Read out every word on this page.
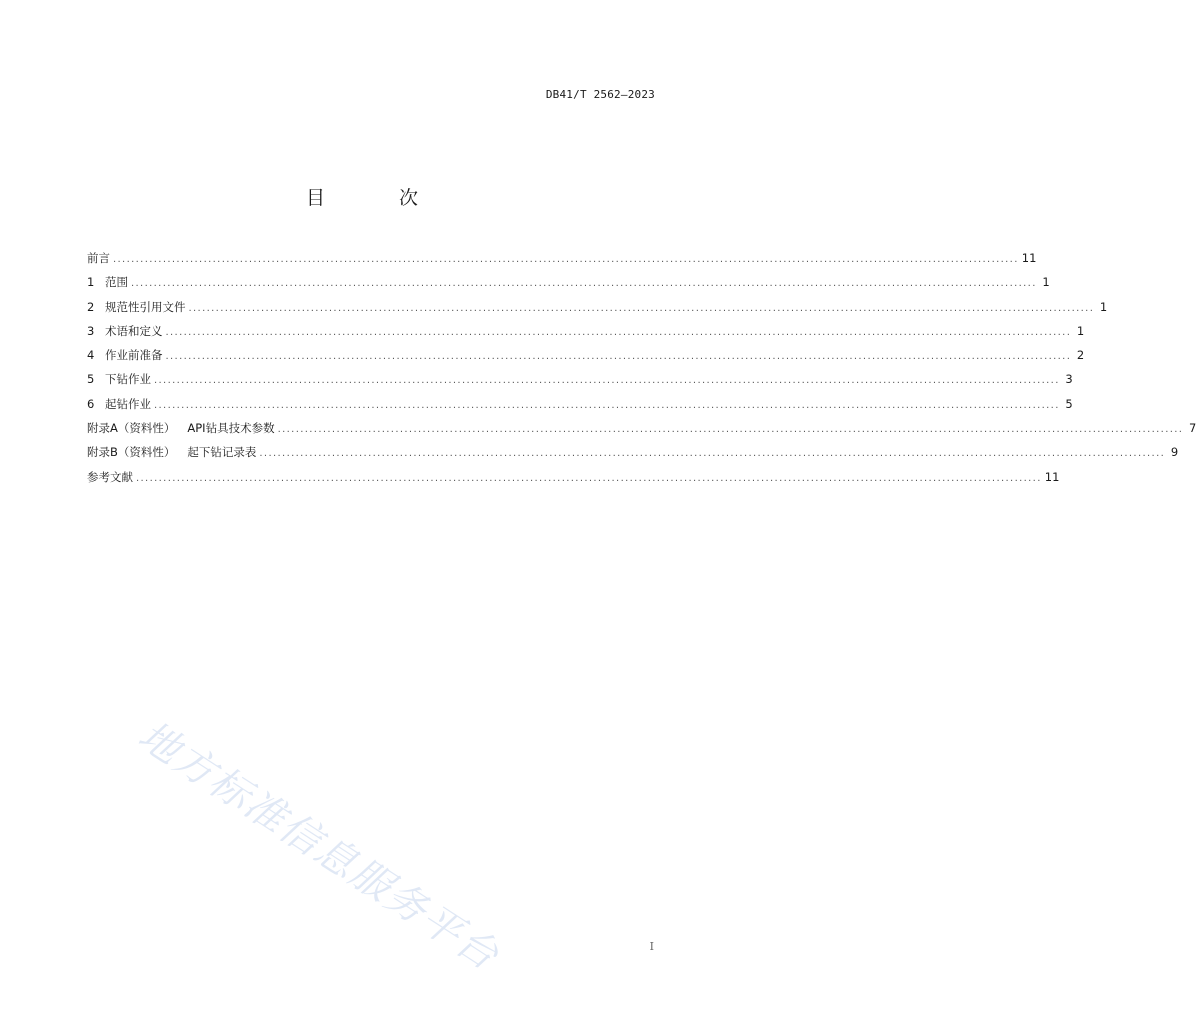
DB41/T 2562—2023
目 次
前言 ........................................................................................................................................................................................................ 11
1 范围 ........................................................................................................................................................................................................ 1
2 规范性引用文件 ........................................................................................................................................................................................................ 1
3 术语和定义 ........................................................................................................................................................................................................ 1
4 作业前准备 ........................................................................................................................................................................................................ 2
5 下钻作业 ........................................................................................................................................................................................................ 3
6 起钻作业 ........................................................................................................................................................................................................ 5
附录A（资料性） API钻具技术参数 ........................................................................................................................................................................................................ 7
附录B（资料性） 起下钻记录表 ........................................................................................................................................................................................................ 9
参考文献 ........................................................................................................................................................................................................ 11
地方标准信息服务平台	I
